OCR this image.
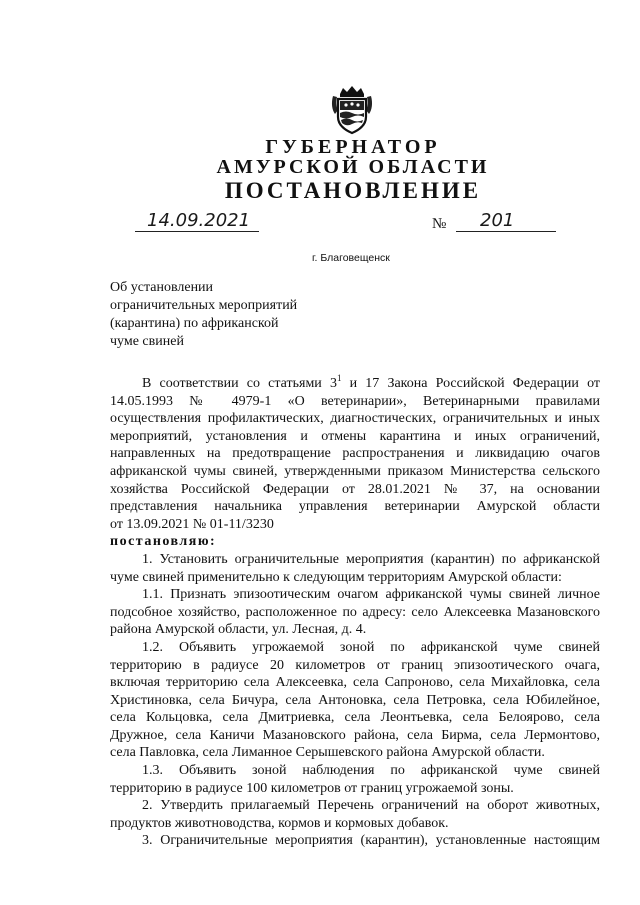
ГУБЕРНАТОР
АМУРСКОЙ ОБЛАСТИ
ПОСТАНОВЛЕНИЕ
14.09.2021	№ 201
г. Благовещенск
Об установлении
ограничительных мероприятий
(карантина) по африканской
чуме свиней
В соответствии со статьями $3^1$ и 17 Закона Российской Федерации от
14.05.1993 № 4979-1 «О ветеринарии», Ветеринарными правилами
осуществления профилактических, диагностических, ограничительных и иных
мероприятий, установления и отмены карантина и иных ограничений,
направленных на предотвращение распространения и ликвидацию очагов
африканской чумы свиней, утвержденными приказом Министерства сельского
хозяйства Российской Федерации от 28.01.2021 № 37, на основании
представления начальника управления ветеринарии Амурской области
от 13.09.2021 № 01-11/3230
постановляю:
1. Установить ограничительные мероприятия (карантин) по африканской
чуме свиней применительно к следующим территориям Амурской области:
1.1. Признать эпизоотическим очагом африканской чумы свиней личное
подсобное хозяйство, расположенное по адресу: село Алексеевка Мазановского
района Амурской области, ул. Лесная, д. 4.
1.2. Объявить угрожаемой зоной по африканской чуме свиней
территорию в радиусе 20 километров от границ эпизоотического очага,
включая территорию села Алексеевка, села Сапроново, села Михайловка, села
Христиновка, села Бичура, села Антоновка, села Петровка, села Юбилейное,
села Кольцовка, села Дмитриевка, села Леонтьевка, села Белоярово, села
Дружное, села Каничи Мазановского района, села Бирма, села Лермонтово,
села Павловка, села Лиманное Серышевского района Амурской области.
1.3. Объявить зоной наблюдения по африканской чуме свиней
территорию в радиусе 100 километров от границ угрожаемой зоны.
2. Утвердить прилагаемый Перечень ограничений на оборот животных,
продуктов животноводства, кормов и кормовых добавок.
3. Ограничительные мероприятия (карантин), установленные настоящим
